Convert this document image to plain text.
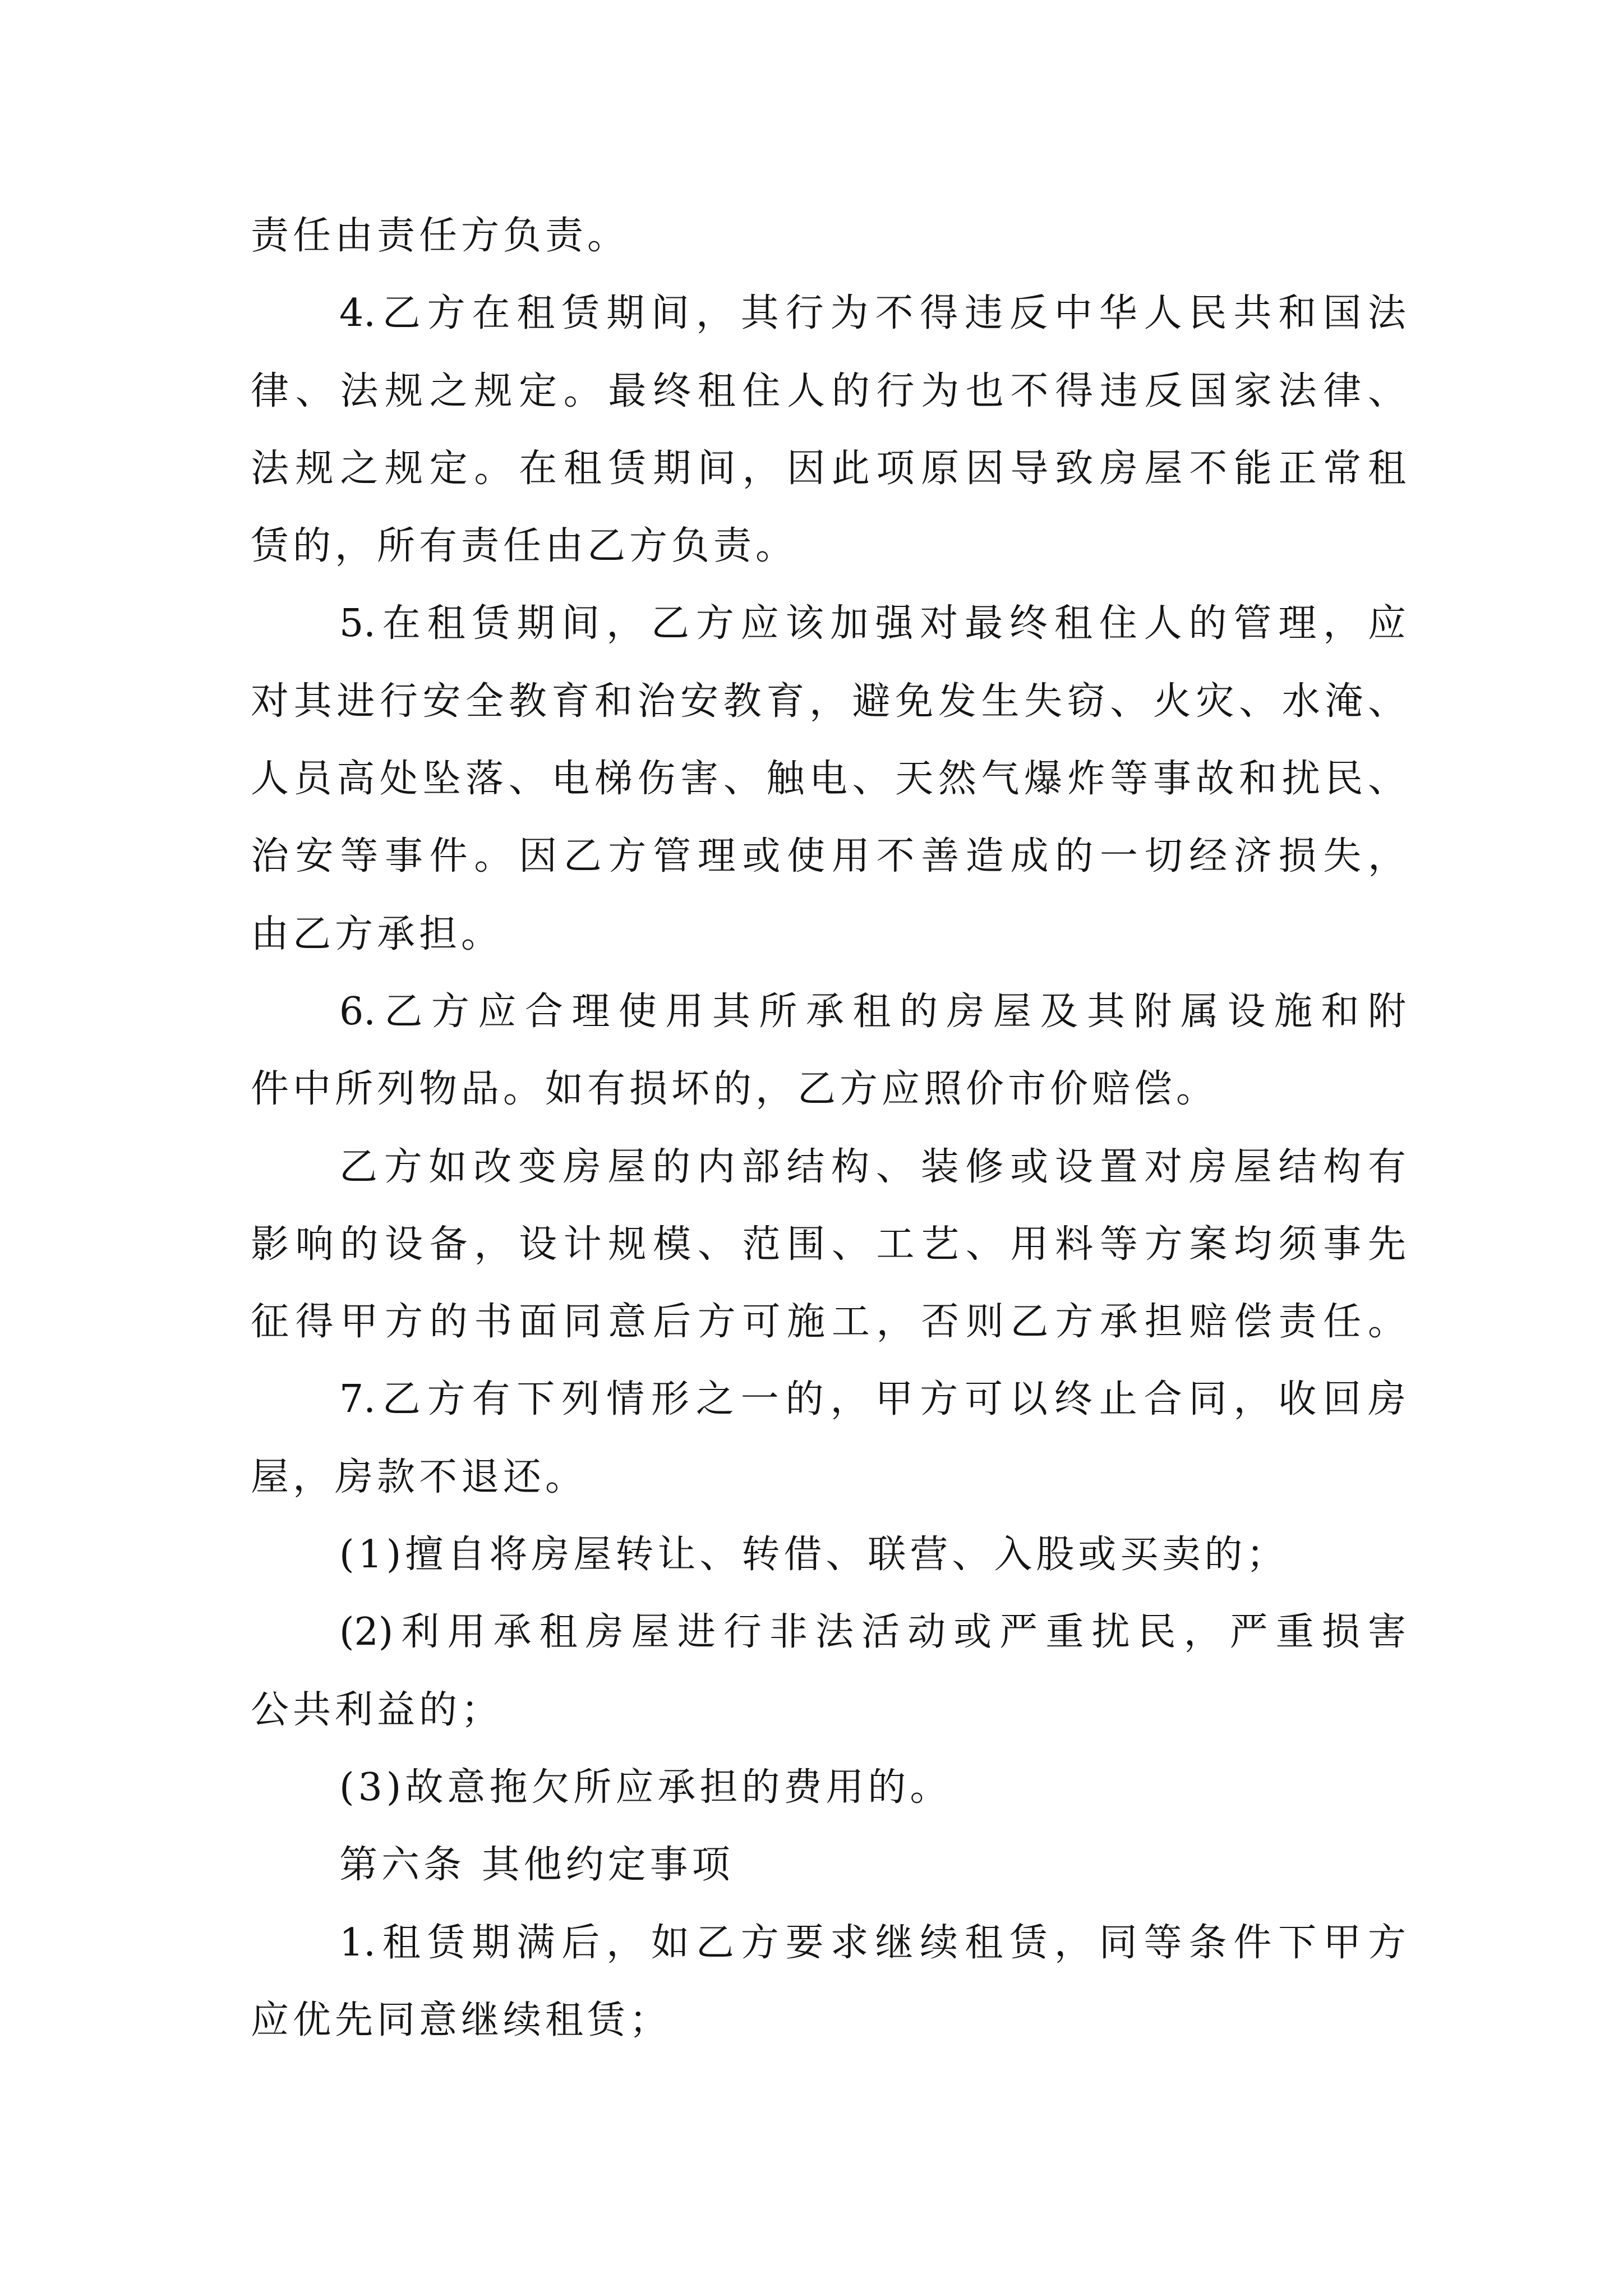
责任由责任方负责。
4.乙方在租赁期间，其行为不得违反中华人民共和国法
律、法规之规定。最终租住人的行为也不得违反国家法律、
法规之规定。在租赁期间，因此项原因导致房屋不能正常租
赁的，所有责任由乙方负责。
5.在租赁期间，乙方应该加强对最终租住人的管理，应
对其进行安全教育和治安教育，避免发生失窃、火灾、水淹、
人员高处坠落、电梯伤害、触电、天然气爆炸等事故和扰民、
治安等事件。因乙方管理或使用不善造成的一切经济损失，
由乙方承担。
6.乙方应合理使用其所承租的房屋及其附属设施和附
件中所列物品。如有损坏的，乙方应照价市价赔偿。
乙方如改变房屋的内部结构、装修或设置对房屋结构有
影响的设备，设计规模、范围、工艺、用料等方案均须事先
征得甲方的书面同意后方可施工，否则乙方承担赔偿责任。
7.乙方有下列情形之一的，甲方可以终止合同，收回房
屋，房款不退还。
(1)擅自将房屋转让、转借、联营、入股或买卖的；
(2)利用承租房屋进行非法活动或严重扰民，严重损害
公共利益的；
(3)故意拖欠所应承担的费用的。
第六条 其他约定事项
1.租赁期满后，如乙方要求继续租赁，同等条件下甲方
应优先同意继续租赁；
